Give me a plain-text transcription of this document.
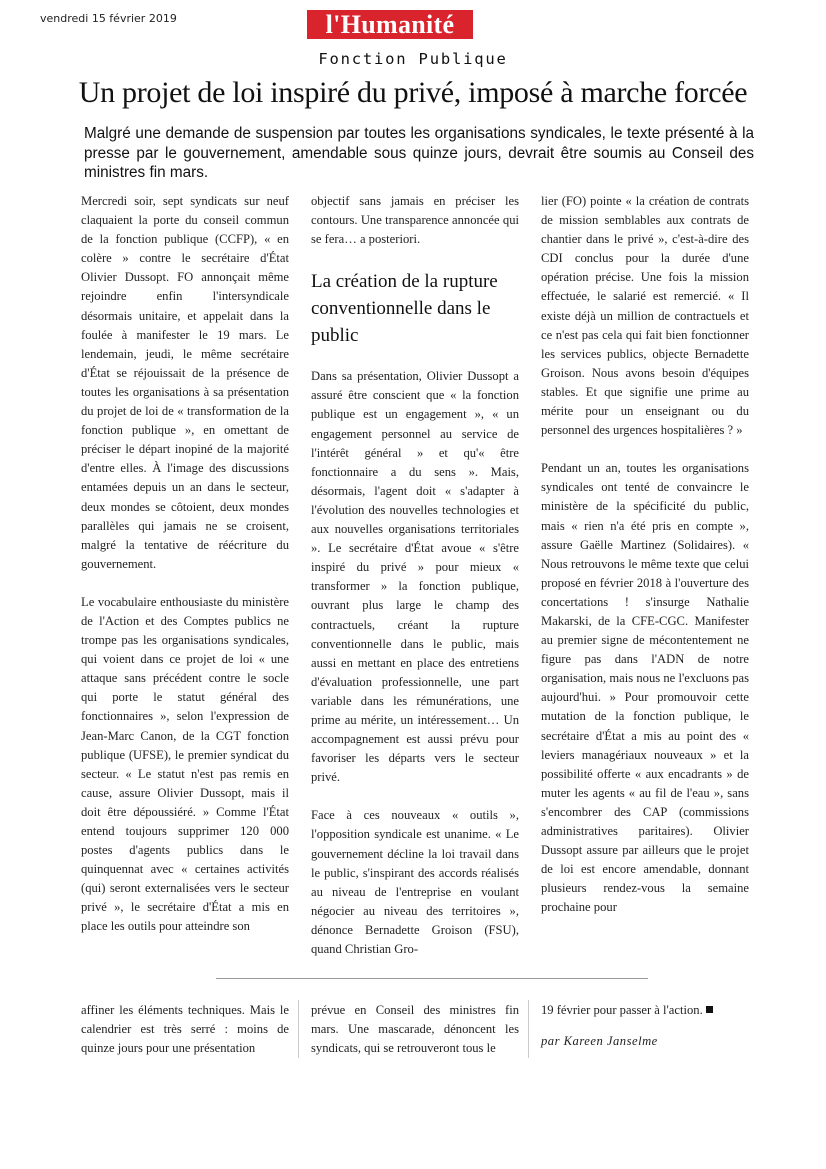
vendredi 15 février 2019	l'Humanité
Fonction Publique
Un projet de loi inspiré du privé, imposé à marche forcée

Malgré une demande de suspension par toutes les organisations syndicales, le texte présenté à la presse par le gouvernement, amendable sous quinze jours, devrait être soumis au Conseil des ministres fin mars.

Mercredi soir, sept syndicats sur neuf claquaient la porte du conseil commun de la fonction publique (CCFP), « en colère » contre le secrétaire d'État Olivier Dussopt. FO annonçait même rejoindre enfin l'intersyndicale désormais unitaire, et appelait dans la foulée à manifester le 19 mars. Le lendemain, jeudi, le même secrétaire d'État se réjouissait de la présence de toutes les organisations à sa présentation du projet de loi de « transformation de la fonction publique », en omettant de préciser le départ inopiné de la majorité d'entre elles. À l'image des discussions entamées depuis un an dans le secteur, deux mondes se côtoient, deux mondes parallèles qui jamais ne se croisent, malgré la tentative de réécriture du gouvernement.

Le vocabulaire enthousiaste du ministère de l'Action et des Comptes publics ne trompe pas les organisations syndicales, qui voient dans ce projet de loi « une attaque sans précédent contre le socle qui porte le statut général des fonctionnaires », selon l'expression de Jean-Marc Canon, de la CGT fonction publique (UFSE), le premier syndicat du secteur. « Le statut n'est pas remis en cause, assure Olivier Dussopt, mais il doit être dépoussiéré. » Comme l'État entend toujours supprimer 120 000 postes d'agents publics dans le quinquennat avec « certaines activités (qui) seront externalisées vers le secteur privé », le secrétaire d'État a mis en place les outils pour atteindre son

objectif sans jamais en préciser les contours. Une transparence annoncée qui se fera… a posteriori.

La création de la rupture conventionnelle dans le public

Dans sa présentation, Olivier Dussopt a assuré être conscient que « la fonction publique est un engagement », « un engagement personnel au service de l'intérêt général » et qu'« être fonctionnaire a du sens ». Mais, désormais, l'agent doit « s'adapter à l'évolution des nouvelles technologies et aux nouvelles organisations territoriales ». Le secrétaire d'État avoue « s'être inspiré du privé » pour mieux « transformer » la fonction publique, ouvrant plus large le champ des contractuels, créant la rupture conventionnelle dans le public, mais aussi en mettant en place des entretiens d'évaluation professionnelle, une part variable dans les rémunérations, une prime au mérite, un intéressement… Un accompagnement est aussi prévu pour favoriser les départs vers le secteur privé.

Face à ces nouveaux « outils », l'opposition syndicale est unanime. « Le gouvernement décline la loi travail dans le public, s'inspirant des accords réalisés au niveau de l'entreprise en voulant négocier au niveau des territoires », dénonce Bernadette Groison (FSU), quand Christian Gro-

lier (FO) pointe « la création de contrats de mission semblables aux contrats de chantier dans le privé », c'est-à-dire des CDI conclus pour la durée d'une opération précise. Une fois la mission effectuée, le salarié est remercié. « Il existe déjà un million de contractuels et ce n'est pas cela qui fait bien fonctionner les services publics, objecte Bernadette Groison. Nous avons besoin d'équipes stables. Et que signifie une prime au mérite pour un enseignant ou du personnel des urgences hospitalières ? »

Pendant un an, toutes les organisations syndicales ont tenté de convaincre le ministère de la spécificité du public, mais « rien n'a été pris en compte », assure Gaëlle Martinez (Solidaires). « Nous retrouvons le même texte que celui proposé en février 2018 à l'ouverture des concertations ! s'insurge Nathalie Makarski, de la CFE-CGC. Manifester au premier signe de mécontentement ne figure pas dans l'ADN de notre organisation, mais nous ne l'excluons pas aujourd'hui. » Pour promouvoir cette mutation de la fonction publique, le secrétaire d'État a mis au point des « leviers managériaux nouveaux » et la possibilité offerte « aux encadrants » de muter les agents « au fil de l'eau », sans s'encombrer des CAP (commissions administratives paritaires). Olivier Dussopt assure par ailleurs que le projet de loi est encore amendable, donnant plusieurs rendez-vous la semaine prochaine pour

affiner les éléments techniques. Mais le calendrier est très serré : moins de quinze jours pour une présentation

prévue en Conseil des ministres fin mars. Une mascarade, dénoncent les syndicats, qui se retrouveront tous le

19 février pour passer à l'action.

par Kareen Janselme
